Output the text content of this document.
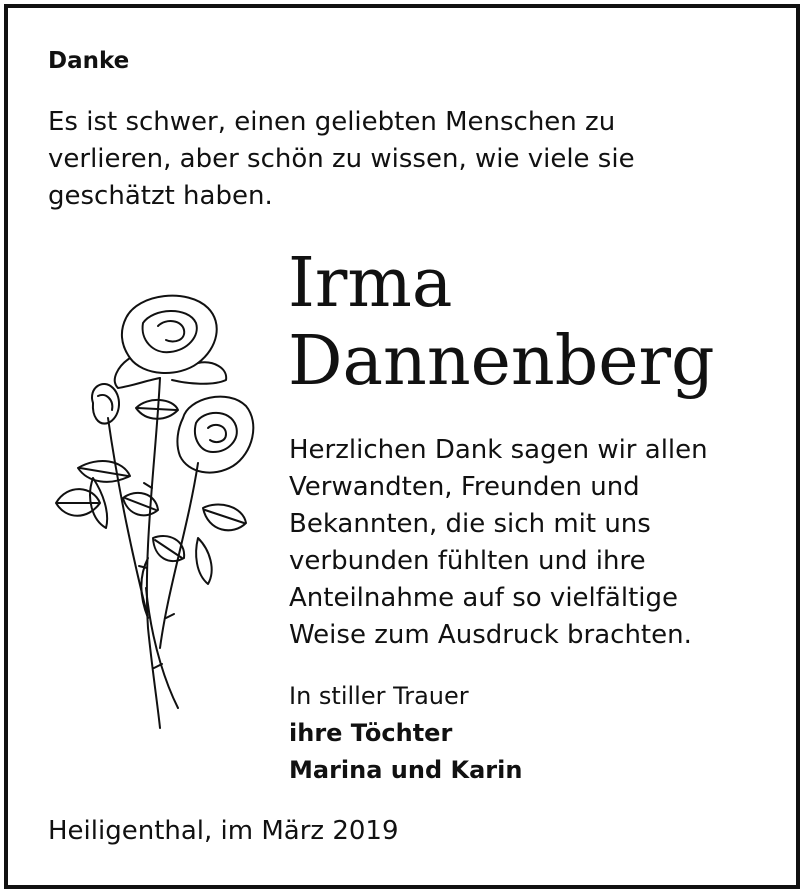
Danke
Es ist schwer, einen geliebten Menschen zu
verlieren, aber schön zu wissen, wie viele sie
geschätzt haben.
Irma
Dannenberg
Herzlichen Dank sagen wir allen
Verwandten, Freunden und
Bekannten, die sich mit uns
verbunden fühlten und ihre
Anteilnahme auf so vielfältige
Weise zum Ausdruck brachten.
In stiller Trauer
ihre Töchter
Marina und Karin
Heiligenthal, im März 2019
